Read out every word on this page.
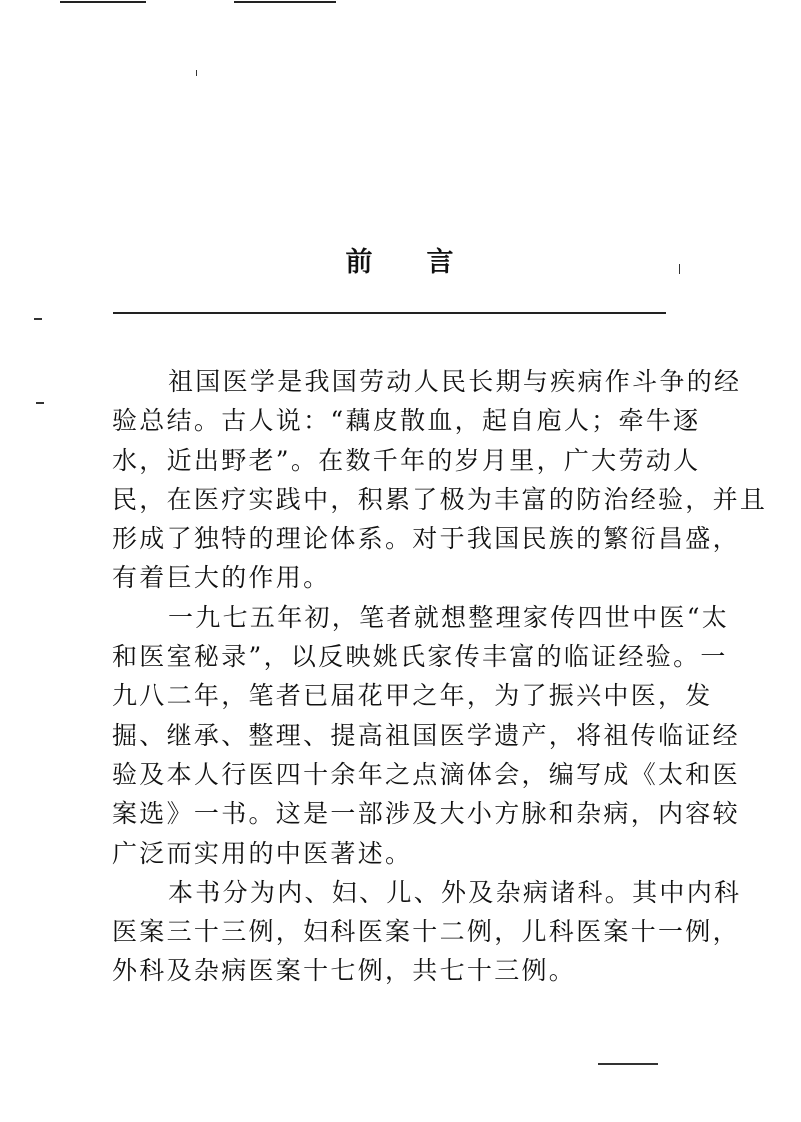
前 言
祖国医学是我国劳动人民长期与疾病作斗争的经
验总结。古人说：“藕皮散血，起自庖人；牵牛逐
水，近出野老”。在数千年的岁月里，广大劳动人
民，在医疗实践中，积累了极为丰富的防治经验，并且
形成了独特的理论体系。对于我国民族的繁衍昌盛，
有着巨大的作用。
一九七五年初，笔者就想整理家传四世中医“太
和医室秘录”，以反映姚氏家传丰富的临证经验。一
九八二年，笔者已届花甲之年，为了振兴中医，发
掘、继承、整理、提高祖国医学遗产，将祖传临证经
验及本人行医四十余年之点滴体会，编写成《太和医
案选》一书。这是一部涉及大小方脉和杂病，内容较
广泛而实用的中医著述。
本书分为内、妇、儿、外及杂病诸科。其中内科
医案三十三例，妇科医案十二例，儿科医案十一例，
外科及杂病医案十七例，共七十三例。
